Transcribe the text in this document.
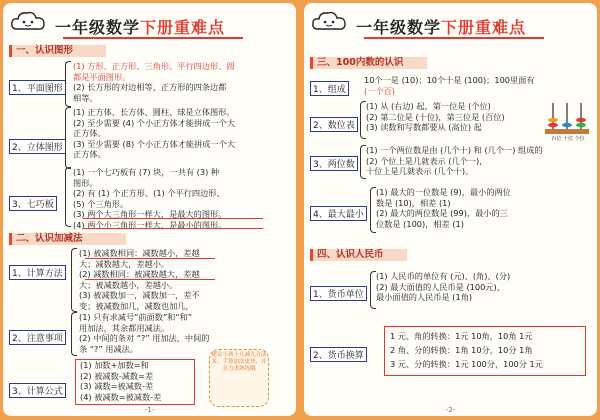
一年级数学下册重难点
一、认识图形
1、平面图形
(1) 方形、正方形、三角形、平行四边形、圆
都是平面图形。
(2) 长方形的对边相等，正方形的四条边都
相等。
2、立体图形
(1) 正方体、长方体、圆柱、球是立体图形。
(2) 至少需要 (4) 个小正方体才能拼成一个大
正方体。
(3) 至少需要 (8) 个小正方体才能拼成一个大
正方体。
3、七巧板
(1) 一个七巧板有 (7) 块，一共有 (3) 种
图形。
(2) 有 (1) 个正方形、(1) 个平行四边形、
(5) 个三角形。
(3) 两个大三角形一样大，是最大的图形。
(4) 两个小三角形一样大，是最小的图形。
二、认识加减法
1、计算方法
(1) 被减数相同：减数越小，差越
大；减数越大，差越小。
(2) 减数相同：被减数越大，差越
大；被减数越小，差越小。
(3) 被减数加一，减数加一，差不
变；被减数加几，减数也加几，
2、注意事项
(1) 只有求减号“前面数”和“和”
用加法，其余都用减法。
(2) 中间的条对 “?” 用加法，中间的
条 “?” 用减法。
3、计算公式
(1) 加数+加数=和
(2) 被减数-减数=差
(3) 减数=被减数-差
(4) 被减数=被减数-差
建议小孩十几减九方法多，手算加法更快，并且力求熟练哦
-1-
一年级数学下册重难点
三、100内数的认识
1、组成
10个一是 (10)；10个十是 (100)；100里面有
(一个百)
2、数位表
(1) 从 (右边) 起，第一位是 (个位)
(2) 第二位是 (十位)，第三位是 (百位)
(3) 读数和写数都要从 (高位) 起
百位 十位 个位
3、两位数
(1) 一个两位数是由 (几个十) 和 (几个一) 组成的
(2) 个位上是几就表示 (几个一)，
十位上是几就表示 (几个十)。
4、最大最小
(1) 最大的一位数是 (9)，最小的两位
数是 (10)，相差 (1)
(2) 最大的两位数是 (99)，最小的三
位数是 (100)，相差 (1)
四、认识人民币
1、货币单位
(1) 人民币的单位有 (元)、(角)、(分)
(2) 最大面值的人民币是 (100元)，
最小面值的人民币是 (1角)
2、货币换算
1 元、角的转换：1元 10角，10角 1元
2 角、分的转换：1角 10分，10分 1角
3 元、分的转换：1元 100分，100分 1元
-2-
